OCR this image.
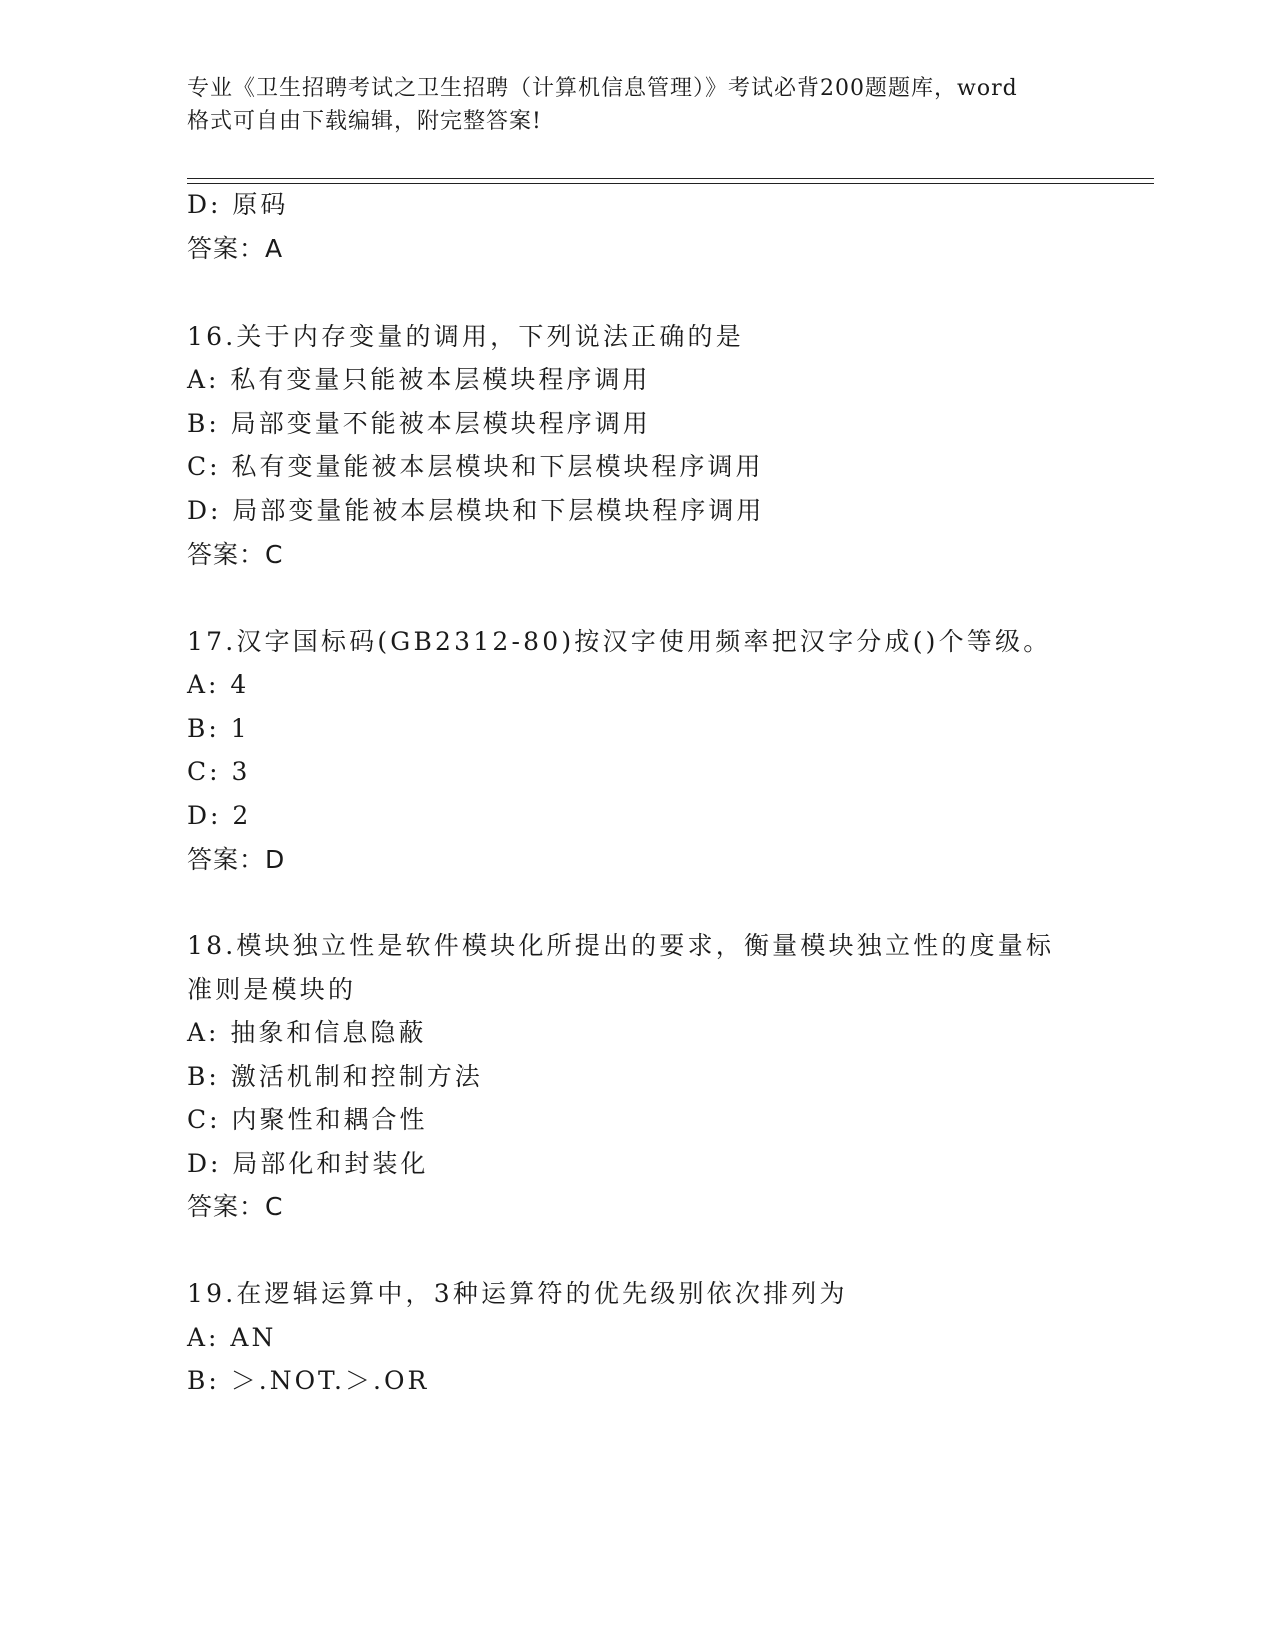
专业《卫生招聘考试之卫生招聘（计算机信息管理）》考试必背200题题库，word
格式可自由下载编辑，附完整答案!
D: 原码
答案：A
16.关于内存变量的调用，下列说法正确的是
A: 私有变量只能被本层模块程序调用
B: 局部变量不能被本层模块程序调用
C: 私有变量能被本层模块和下层模块程序调用
D: 局部变量能被本层模块和下层模块程序调用
答案：C
17.汉字国标码(GB2312-80)按汉字使用频率把汉字分成()个等级。
A: 4
B: 1
C: 3
D: 2
答案：D
18.模块独立性是软件模块化所提出的要求，衡量模块独立性的度量标
准则是模块的
A: 抽象和信息隐蔽
B: 激活机制和控制方法
C: 内聚性和耦合性
D: 局部化和封装化
答案：C
19.在逻辑运算中，3种运算符的优先级别依次排列为
A: AN
B: ＞.NOT.＞.OR
